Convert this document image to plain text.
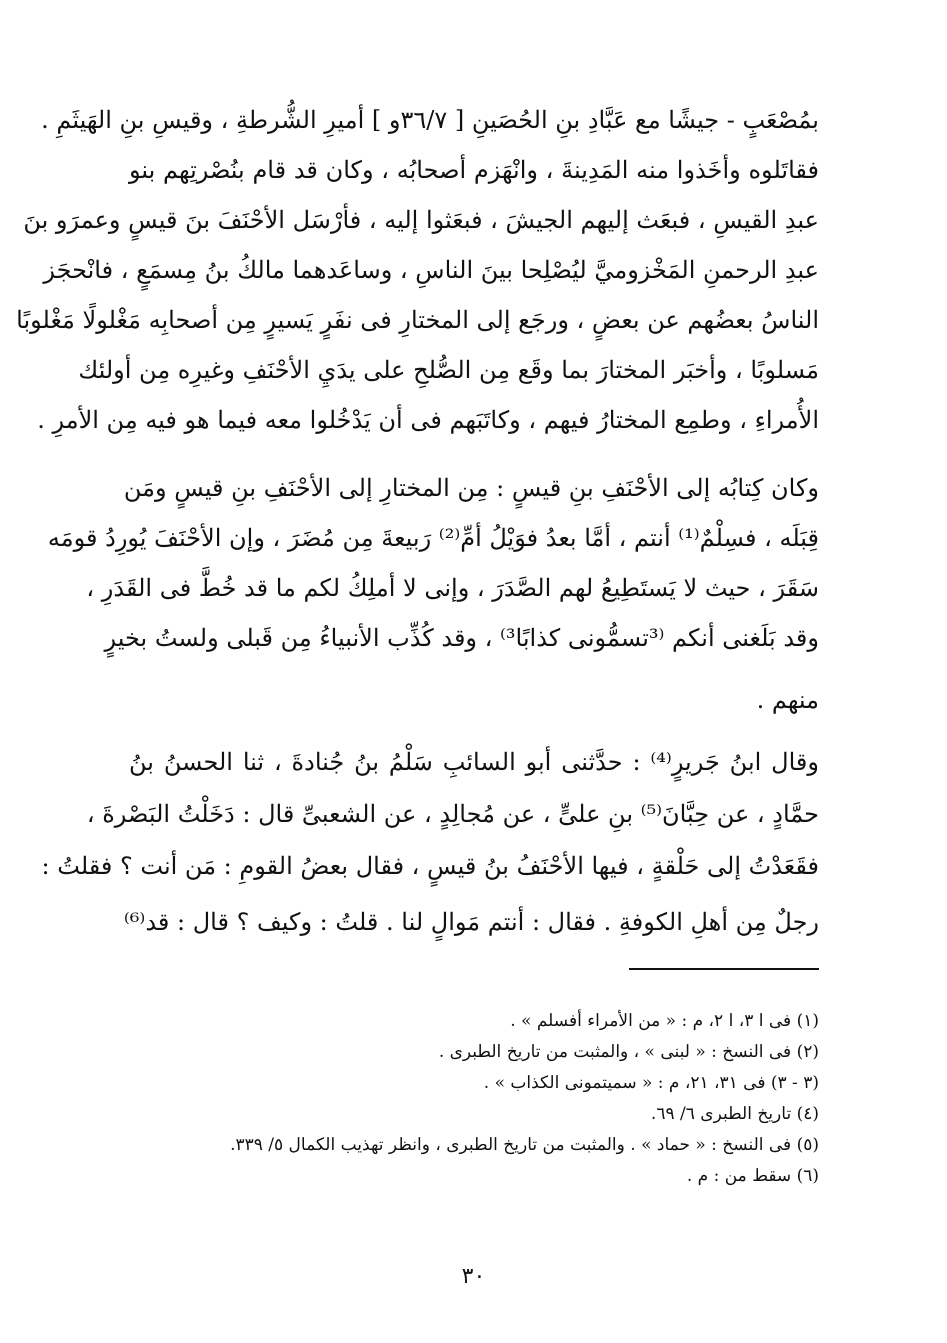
بمُصْعَبٍ - جيشًا مع عَبَّادِ بنِ الحُصَينِ [ ٣٦/٧و ] أميرِ الشُّرطةِ ، وقيسِ بنِ الهَيثَمِ .
فقاتَلوه وأخَذوا منه المَدِينةَ ، وانْهَزم أصحابُه ، وكان قد قام بنُصْرتِهم بنو
عبدِ القيسِ ، فبعَث إليهم الجيشَ ، فبعَثوا إليه ، فأرْسَل الأحْنَفَ بنَ قيسٍ وعمرَو بنَ
عبدِ الرحمنِ المَخْزوميَّ ليُصْلِحا بينَ الناسِ ، وساعَدهما مالكُ بنُ مِسمَعٍ ، فانْحجَز
الناسُ بعضُهم عن بعضٍ ، ورجَع إلى المختارِ فى نفَرٍ يَسيرٍ مِن أصحابِه مَغْلولًا مَغْلوبًا
مَسلوبًا ، وأخبَر المختارَ بما وقَع مِن الصُّلحِ على يدَيِ الأحْنَفِ وغيرِه مِن أولئك
الأُمراءِ ، وطمِع المختارُ فيهم ، وكاتَبَهم فى أن يَدْخُلوا معه فيما هو فيه مِن الأمرِ .
وكان كِتابُه إلى الأحْنَفِ بنِ قيسٍ : مِن المختارِ إلى الأحْنَفِ بنِ قيسٍ ومَن
قِبَلَه ، فسِلْمٌ⁽¹⁾ أنتم ، أمَّا بعدُ فوَيْلُ أمِّ⁽²⁾ رَبيعةَ مِن مُضَرَ ، وإن الأحْنَفَ يُورِدُ قومَه
سَقَرَ ، حيث لا يَستَطِيعُ لهم الصَّدَرَ ، وإنى لا أملِكُ لكم ما قد خُطَّ فى القَدَرِ ،
وقد بَلَغنى أنكم ⁽³تسمُّونى كذابًا³⁾ ، وقد كُذِّب الأنبياءُ مِن قَبلى ولستُ بخيرٍ
منهم .
وقال ابنُ جَريرٍ⁽⁴⁾ : حدَّثنى أبو السائبِ سَلْمُ بنُ جُنادةَ ، ثنا الحسنُ بنُ
حمَّادٍ ، عن حِبَّانَ⁽⁵⁾ بنِ علىٍّ ، عن مُجالِدٍ ، عن الشعبىِّ قال : دَخَلْتُ البَصْرةَ ،
فقَعَدْتُ إلى حَلْقةٍ ، فيها الأحْنَفُ بنُ قيسٍ ، فقال بعضُ القومِ : مَن أنت ؟ فقلتُ :
رجلٌ مِن أهلِ الكوفةِ . فقال : أنتم مَوالٍ لنا . قلتُ : وكيف ؟ قال : قد⁽⁶⁾
(١) فى ا ٣، ا ٢، م : « من الأمراء أفسلم » .
(٢) فى النسخ : « لبنى » ، والمثبت من تاريخ الطبرى .
(٣ - ٣) فى ٣١، ٢١، م : « سميتمونى الكذاب » .
(٤) تاريخ الطبرى ٦/ ٦٩.
(٥) فى النسخ : « حماد » . والمثبت من تاريخ الطبرى ، وانظر تهذيب الكمال ٥/ ٣٣٩.
(٦) سقط من : م .
٣٠
